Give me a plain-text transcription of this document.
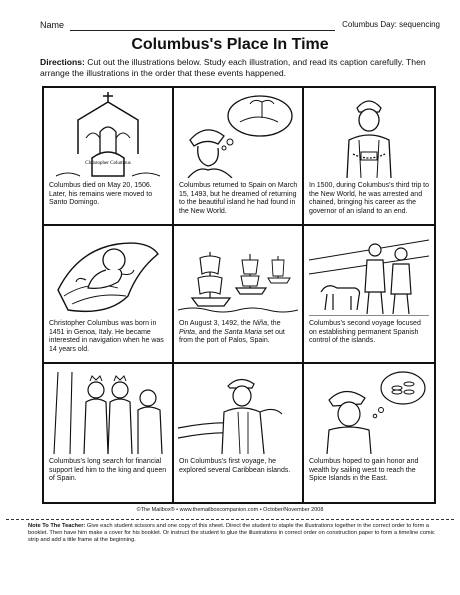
Name	Columbus Day: sequencing
Columbus's Place In Time
Directions: Cut out the illustrations below. Study each illustration, and read its caption carefully. Then arrange the illustrations in the order that these events happened.
Christopher Columbus
Columbus died on May 20, 1506. Later, his remains were moved to Santo Domingo.
Columbus returned to Spain on March 15, 1493, but he dreamed of returning to the beautiful island he had found in the New World.
In 1500, during Columbus's third trip to the New World, he was arrested and chained, bringing his career as the governor of an island to an end.
Christopher Columbus was born in 1451 in Genoa, Italy. He became interested in navigation when he was 14 years old.
On August 3, 1492, the Niña, the Pinta, and the Santa Maria set out from the port of Palos, Spain.
Columbus's second voyage focused on establishing permanent Spanish control of the islands.
Columbus's long search for financial support led him to the king and queen of Spain.
On Columbus's first voyage, he explored several Caribbean islands.
Columbus hoped to gain honor and wealth by sailing west to reach the Spice Islands in the East.
©The Mailbox® • www.themailboxcompanion.com • October/November 2008
Note To The Teacher: Give each student scissors and one copy of this sheet. Direct the student to staple the illustrations together in the correct order to form a booklet. Then have him make a cover for his booklet. Or instruct the student to glue the illustrations in correct order on construction paper to form a timeline comic strip and add a title frame at the beginning.
